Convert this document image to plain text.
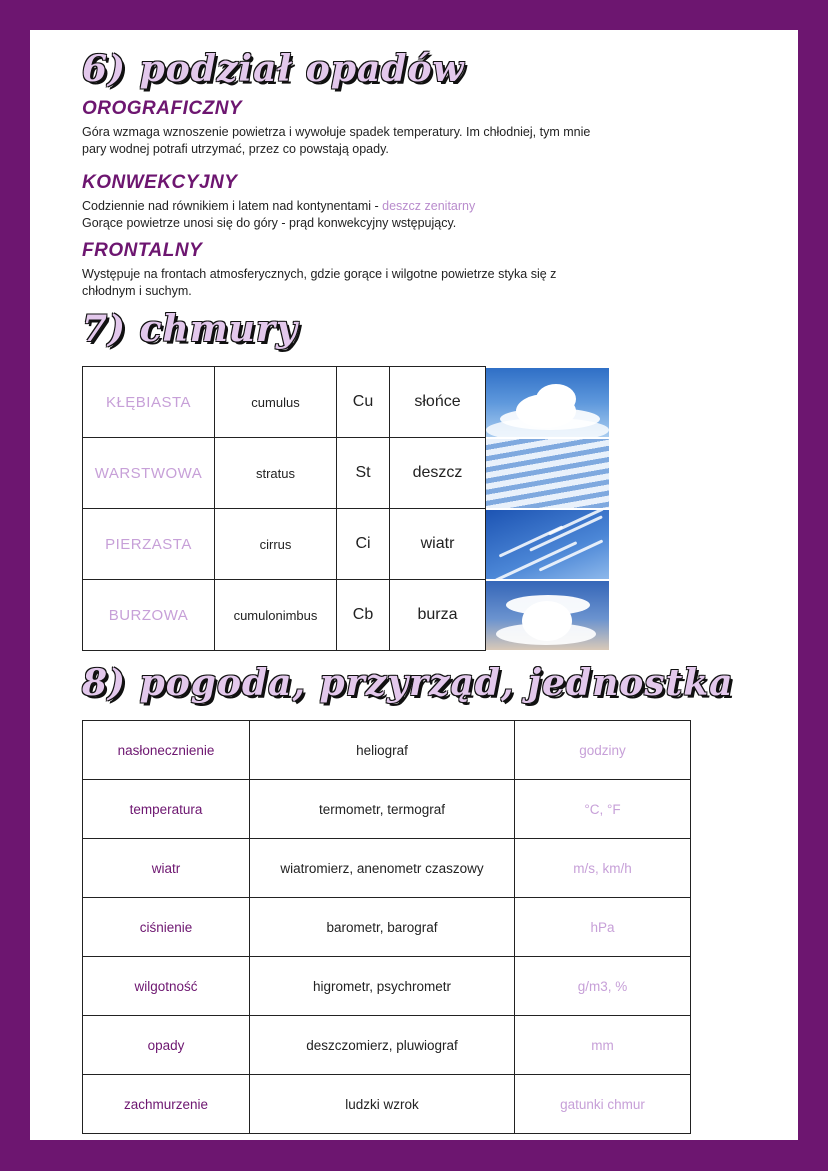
6) podział opadów
OROGRAFICZNY
Góra wzmaga wznoszenie powietrza i wywołuje spadek temperatury. Im chłodniej, tym mnie
pary wodnej potrafi utrzymać, przez co powstają opady.
KONWEKCYJNY
Codziennie nad równikiem i latem nad kontynentami - deszcz zenitarny
Gorące powietrze unosi się do góry - prąd konwekcyjny wstępujący.
FRONTALNY
Występuje na frontach atmosferycznych, gdzie gorące i wilgotne powietrze styka się z
chłodnym i suchym.
7) chmury
KŁĘBIASTA	cumulus	Cu	słońce	

WARSTWOWA	stratus	St	deszcz	

PIERZASTA	cirrus	Ci	wiatr	

BURZOWA	cumulonimbus	Cb	burza	
8) pogoda, przyrząd, jednostka
nasłonecznienie	heliograf	godziny
temperatura	termometr, termograf	°C, °F
wiatr	wiatromierz, anenometr czaszowy	m/s, km/h
ciśnienie	barometr, barograf	hPa
wilgotność	higrometr, psychrometr	g/m3, %
opady	deszczomierz, pluwiograf	mm
zachmurzenie	ludzki wzrok	gatunki chmur
